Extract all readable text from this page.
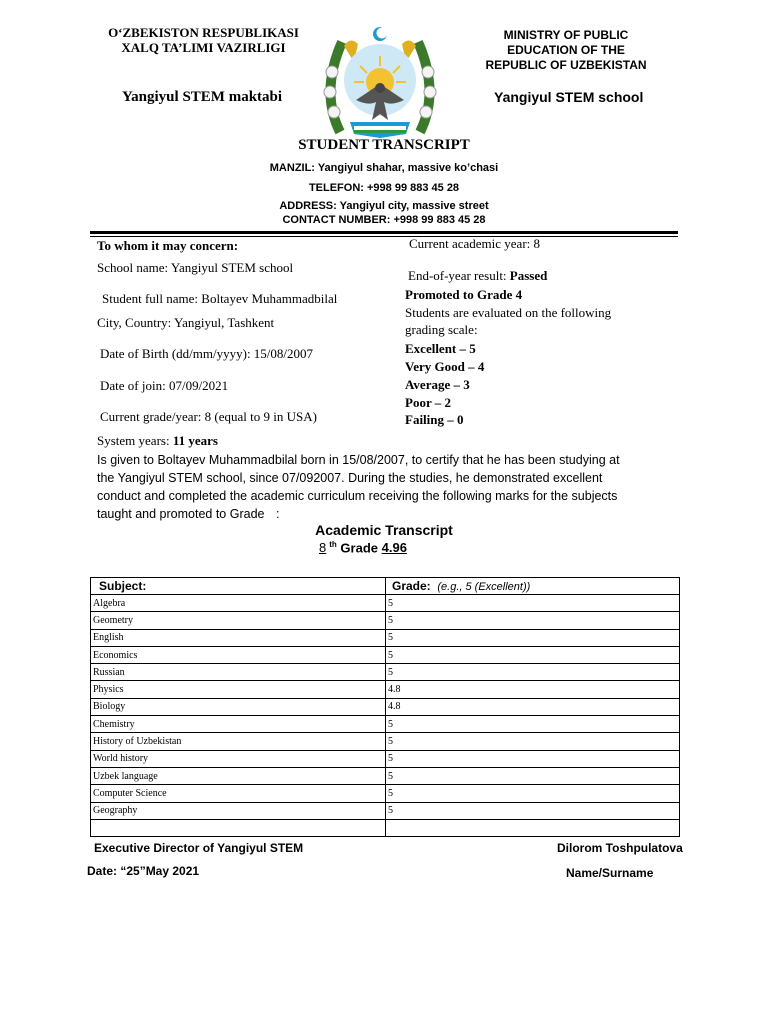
O‘ZBEKISTON RESPUBLIKASI
XALQ TA’LIMI VAZIRLIGI
Yangiyul STEM maktabi
MINISTRY OF PUBLIC
EDUCATION OF THE
REPUBLIC OF UZBEKISTAN
Yangiyul STEM school
STUDENT TRANSCRIPT
MANZIL: Yangiyul shahar, massive ko’chasi
TELEFON: +998 99 883 45 28
ADDRESS: Yangiyul city, massive street
CONTACT NUMBER: +998 99 883 45 28
To whom it may concern:
School name: Yangiyul STEM school
Student full name: Boltayev Muhammadbilal
City, Country: Yangiyul, Tashkent
Date of Birth (dd/mm/yyyy): 15/08/2007
Date of join: 07/09/2021
Current grade/year: 8 (equal to 9 in USA)
System years: 11 years
Current academic year: 8
End-of-year result: Passed
Promoted to Grade 4
Students are evaluated on the following
grading scale:
Excellent – 5
Very Good – 4
Average – 3
Poor – 2
Failing – 0
Is given to Boltayev Muhammadbilal born in 15/08/2007, to certify that he has been studying at
the Yangiyul STEM school, since 07/092007. During the studies, he demonstrated excellent
conduct and completed the academic curriculum receiving the following marks for the subjects
taught and promoted to Grade :
Academic Transcript
8 $^{th}$ Grade 4.96
Subject:	Grade: (e.g., 5 (Excellent))
Algebra	5
Geometry	5
English	5
Economics	5
Russian	5
Physics	4.8
Biology	4.8
Chemistry	5
History of Uzbekistan	5
World history	5
Uzbek language	5
Computer Science	5
Geography	5

Executive Director of Yangiyul STEM
Date: “25”May 2021
Dilorom Toshpulatova
Name/Surname
